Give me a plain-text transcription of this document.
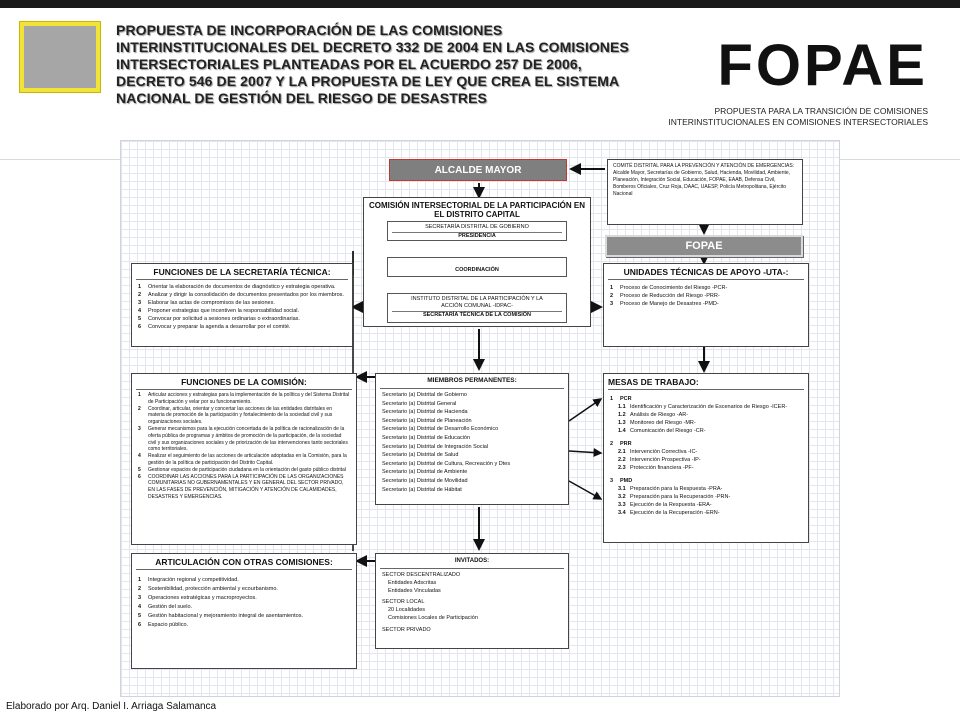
PROPUESTA DE INCORPORACIÓN DE LAS COMISIONES INTERINSTITUCIONALES DEL DECRETO 332 DE 2004 EN LAS COMISIONES INTERSECTORIALES PLANTEADAS POR EL ACUERDO 257 DE 2006, DECRETO 546 DE 2007 Y LA PROPUESTA DE LEY QUE CREA EL SISTEMA NACIONAL DE GESTIÓN DEL RIESGO DE DESASTRES	FOPAE
PROPUESTA PARA LA TRANSICIÓN DE COMISIONES INTERINSTITUCIONALES EN COMISIONES INTERSECTORIALES
ALCALDE MAYOR	COMITÉ DISTRITAL PARA LA PREVENCIÓN Y ATENCIÓN DE EMERGENCIAS: Alcalde Mayor, Secretarías de Gobierno, Salud, Hacienda, Movilidad, Ambiente, Planeación, Integración Social, Educación, FOPAE, EAAB, Defensa Civil, Bomberos Oficiales, Cruz Roja, DAAC, UAESP, Policía Metropolitana, Ejército Nacional
FOPAE
COMISIÓN INTERSECTORIAL DE LA PARTICIPACIÓN EN EL DISTRITO CAPITAL
SECRETARÍA DISTRITAL DE GOBIERNO
PRESIDENCIA
COORDINACIÓN
INSTITUTO DISTRITAL DE LA PARTICIPACIÓN Y LA ACCIÓN COMUNAL -IDPAC-
SECRETARÍA TÉCNICA DE LA COMISIÓN
FUNCIONES DE LA SECRETARÍA TÉCNICA:
1	Orientar la elaboración de documentos de diagnóstico y estrategia operativa.
2	Analizar y dirigir la consolidación de documentos presentados por los miembros.
3	Elaborar las actas de compromisos de las sesiones.
4	Proponer estrategias que incentiven la responsabilidad social.
5	Convocar por solicitud a sesiones ordinarias o extraordinarias.
6	Convocar y preparar la agenda a desarrollar por el comité.
UNIDADES TÉCNICAS DE APOYO -UTA-:
1	Proceso de Conocimiento del Riesgo -PCR-
2	Proceso de Reducción del Riesgo -PRR-
3	Proceso de Manejo de Desastres -PMD-
FUNCIONES DE LA COMISIÓN:
1	Articular acciones y estrategias para la implementación de la política y del Sistema Distrital de Participación y velar por su funcionamiento.
2	Coordinar, articular, orientar y concertar las acciones de las entidades distritales en materia de promoción de la participación y fortalecimiento de la sociedad civil y sus organizaciones sociales.
3	Generar mecanismos para la ejecución concertada de la política de racionalización de la oferta pública de programas y ámbitos de promoción de la participación, de la sociedad civil y sus organizaciones sociales y de priorización de las intervenciones tanto sectoriales como territoriales.
4	Realizar el seguimiento de las acciones de articulación adoptadas en la Comisión, para la gestión de la política de participación del Distrito Capital.
5	Gestionar espacios de participación ciudadana en la orientación del gasto público distrital
6	COORDINAR LAS ACCIONES PARA LA PARTICIPACIÓN DE LAS ORGANIZACIONES COMUNITARIAS NO GUBERNAMENTALES Y EN GENERAL DEL SECTOR PRIVADO, EN LAS FASES DE PREVENCIÓN, MITIGACIÓN Y ATENCIÓN DE CALAMIDADES, DESASTRES Y EMERGENCIAS.
MIEMBROS PERMANENTES:
Secretario (a) Distrital de Gobierno
Secretario (a) Distrital General
Secretario (a) Distrital de Hacienda
Secretario (a) Distrital de Planeación
Secretario (a) Distrital de Desarrollo Económico
Secretario (a) Distrital de Educación
Secretario (a) Distrital de Integración Social
Secretario (a) Distrital de Salud
Secretario (a) Distrital de Cultura, Recreación y Dtes
Secretario (a) Distrital de Ambiente
Secretario (a) Distrital de Movilidad
Secretario (a) Distrital de Hábitat
MESAS DE TRABAJO:
1	PCR
1.1 Identificación y Caracterización de Escenarios de Riesgo -ICER-
1.2 Análisis de Riesgo -AR-
1.3 Monitoreo del Riesgo -MR-
1.4 Comunicación del Riesgo -CR-
2	PRR
2.1 Intervención Correctiva -IC-
2.2 Intervención Prospectiva -IP-
2.3 Protección financiera -PF-
3	PMD
3.1 Preparación para la Respuesta -PRA-
3.2 Preparación para la Recuperación -PRN-
3.3 Ejecución de la Respuesta -ERA-
3.4 Ejecución de la Recuperación -ERN-
ARTICULACIÓN CON OTRAS COMISIONES:
1	Integración regional y competitividad.
2	Sostenibilidad, protección ambiental y ecourbanismo.
3	Operaciones estratégicas y macroproyectos.
4	Gestión del suelo.
5	Gestión habitacional y mejoramiento integral de asentamientos.
6	Espacio público.
INVITADOS:
SECTOR DESCENTRALIZADO
Entidades Adscritas
Entidades Vinculadas
SECTOR LOCAL
20 Localidades
Comisiones Locales de Participación
SECTOR PRIVADO
Elaborado por Arq. Daniel I. Arriaga Salamanca
